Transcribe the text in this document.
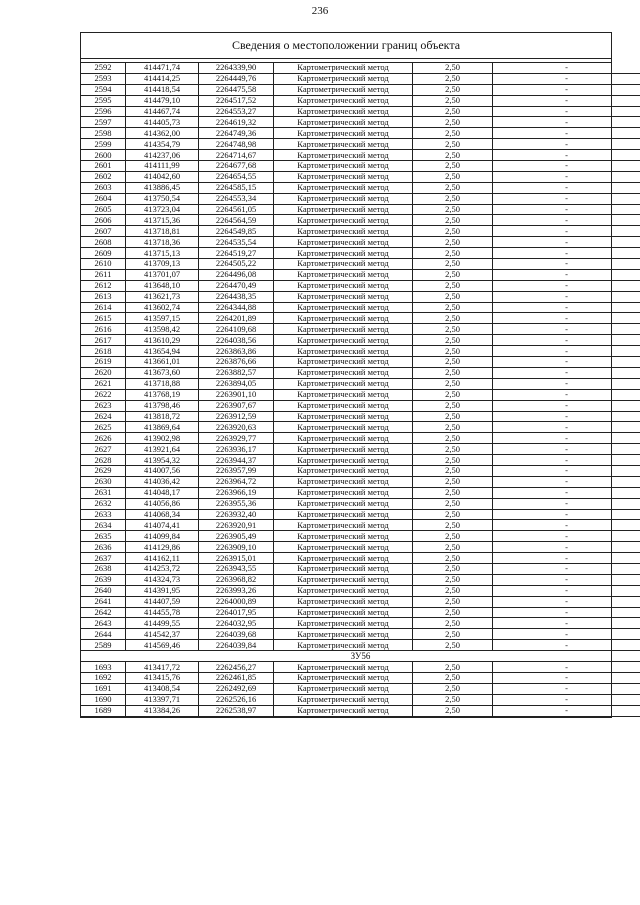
236
Сведения о местоположении границ объекта
2592	414471,74	2264339,90	Картометрический метод	2,50	-
2593	414414,25	2264449,76	Картометрический метод	2,50	-
2594	414418,54	2264475,58	Картометрический метод	2,50	-
2595	414479,10	2264517,52	Картометрический метод	2,50	-
2596	414467,74	2264553,27	Картометрический метод	2,50	-
2597	414405,73	2264619,32	Картометрический метод	2,50	-
2598	414362,00	2264749,36	Картометрический метод	2,50	-
2599	414354,79	2264748,98	Картометрический метод	2,50	-
2600	414237,06	2264714,67	Картометрический метод	2,50	-
2601	414111,99	2264677,68	Картометрический метод	2,50	-
2602	414042,60	2264654,55	Картометрический метод	2,50	-
2603	413886,45	2264585,15	Картометрический метод	2,50	-
2604	413750,54	2264553,34	Картометрический метод	2,50	-
2605	413723,04	2264561,05	Картометрический метод	2,50	-
2606	413715,36	2264564,59	Картометрический метод	2,50	-
2607	413718,81	2264549,85	Картометрический метод	2,50	-
2608	413718,36	2264535,54	Картометрический метод	2,50	-
2609	413715,13	2264519,27	Картометрический метод	2,50	-
2610	413709,13	2264505,22	Картометрический метод	2,50	-
2611	413701,07	2264496,08	Картометрический метод	2,50	-
2612	413648,10	2264470,49	Картометрический метод	2,50	-
2613	413621,73	2264438,35	Картометрический метод	2,50	-
2614	413602,74	2264344,88	Картометрический метод	2,50	-
2615	413597,15	2264201,89	Картометрический метод	2,50	-
2616	413598,42	2264109,68	Картометрический метод	2,50	-
2617	413610,29	2264038,56	Картометрический метод	2,50	-
2618	413654,94	2263863,86	Картометрический метод	2,50	-
2619	413661,01	2263876,66	Картометрический метод	2,50	-
2620	413673,60	2263882,57	Картометрический метод	2,50	-
2621	413718,88	2263894,05	Картометрический метод	2,50	-
2622	413768,19	2263901,10	Картометрический метод	2,50	-
2623	413798,46	2263907,67	Картометрический метод	2,50	-
2624	413818,72	2263912,59	Картометрический метод	2,50	-
2625	413869,64	2263920,63	Картометрический метод	2,50	-
2626	413902,98	2263929,77	Картометрический метод	2,50	-
2627	413921,64	2263936,17	Картометрический метод	2,50	-
2628	413954,32	2263944,37	Картометрический метод	2,50	-
2629	414007,56	2263957,99	Картометрический метод	2,50	-
2630	414036,42	2263964,72	Картометрический метод	2,50	-
2631	414048,17	2263966,19	Картометрический метод	2,50	-
2632	414056,86	2263955,36	Картометрический метод	2,50	-
2633	414068,34	2263932,40	Картометрический метод	2,50	-
2634	414074,41	2263920,91	Картометрический метод	2,50	-
2635	414099,84	2263905,49	Картометрический метод	2,50	-
2636	414129,86	2263909,10	Картометрический метод	2,50	-
2637	414162,11	2263915,01	Картометрический метод	2,50	-
2638	414253,72	2263943,55	Картометрический метод	2,50	-
2639	414324,73	2263968,82	Картометрический метод	2,50	-
2640	414391,95	2263993,26	Картометрический метод	2,50	-
2641	414407,59	2264000,89	Картометрический метод	2,50	-
2642	414455,78	2264017,95	Картометрический метод	2,50	-
2643	414499,55	2264032,95	Картометрический метод	2,50	-
2644	414542,37	2264039,68	Картометрический метод	2,50	-
2589	414569,46	2264039,84	Картометрический метод	2,50	-
ЗУ56					
1693	413417,72	2262456,27	Картометрический метод	2,50	-
1692	413415,76	2262461,85	Картометрический метод	2,50	-
1691	413408,54	2262492,69	Картометрический метод	2,50	-
1690	413397,71	2262526,16	Картометрический метод	2,50	-
1689	413384,26	2262538,97	Картометрический метод	2,50	-
